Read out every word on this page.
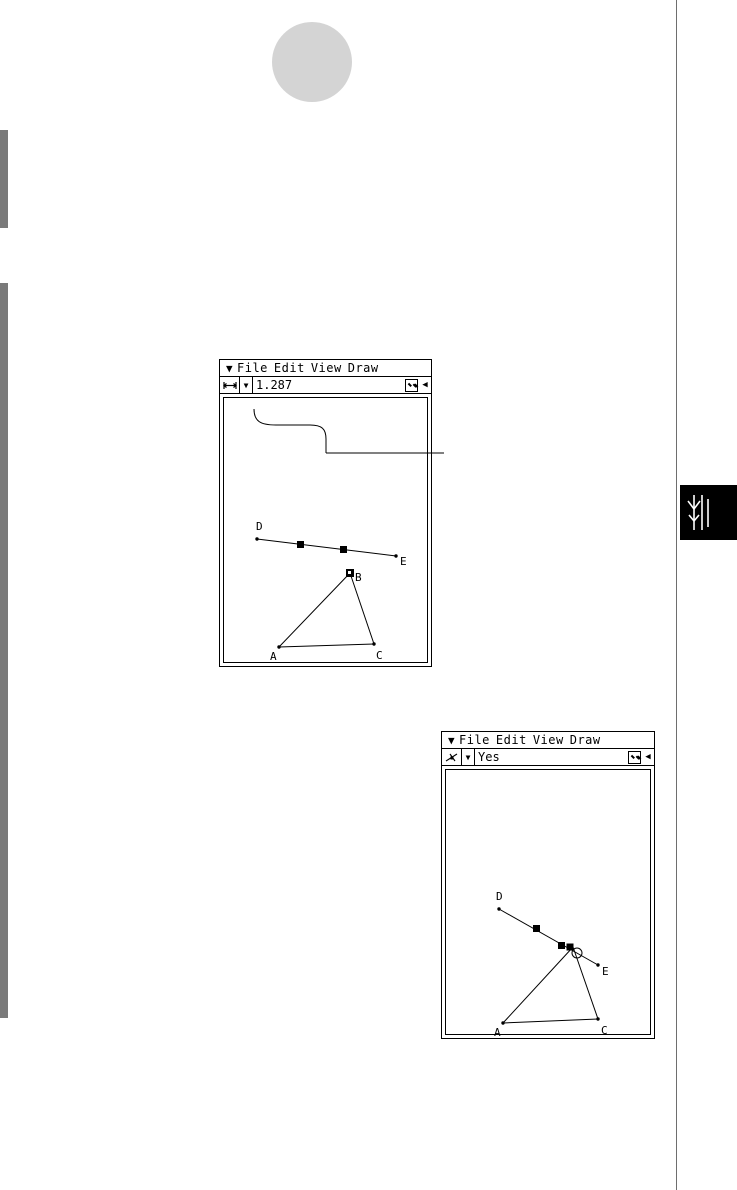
▼ File Edit View Draw
▼ 1.287	◀
D
E
B
A	C
▼ File Edit View Draw
▼ Yes	◀
D
E
A	C
